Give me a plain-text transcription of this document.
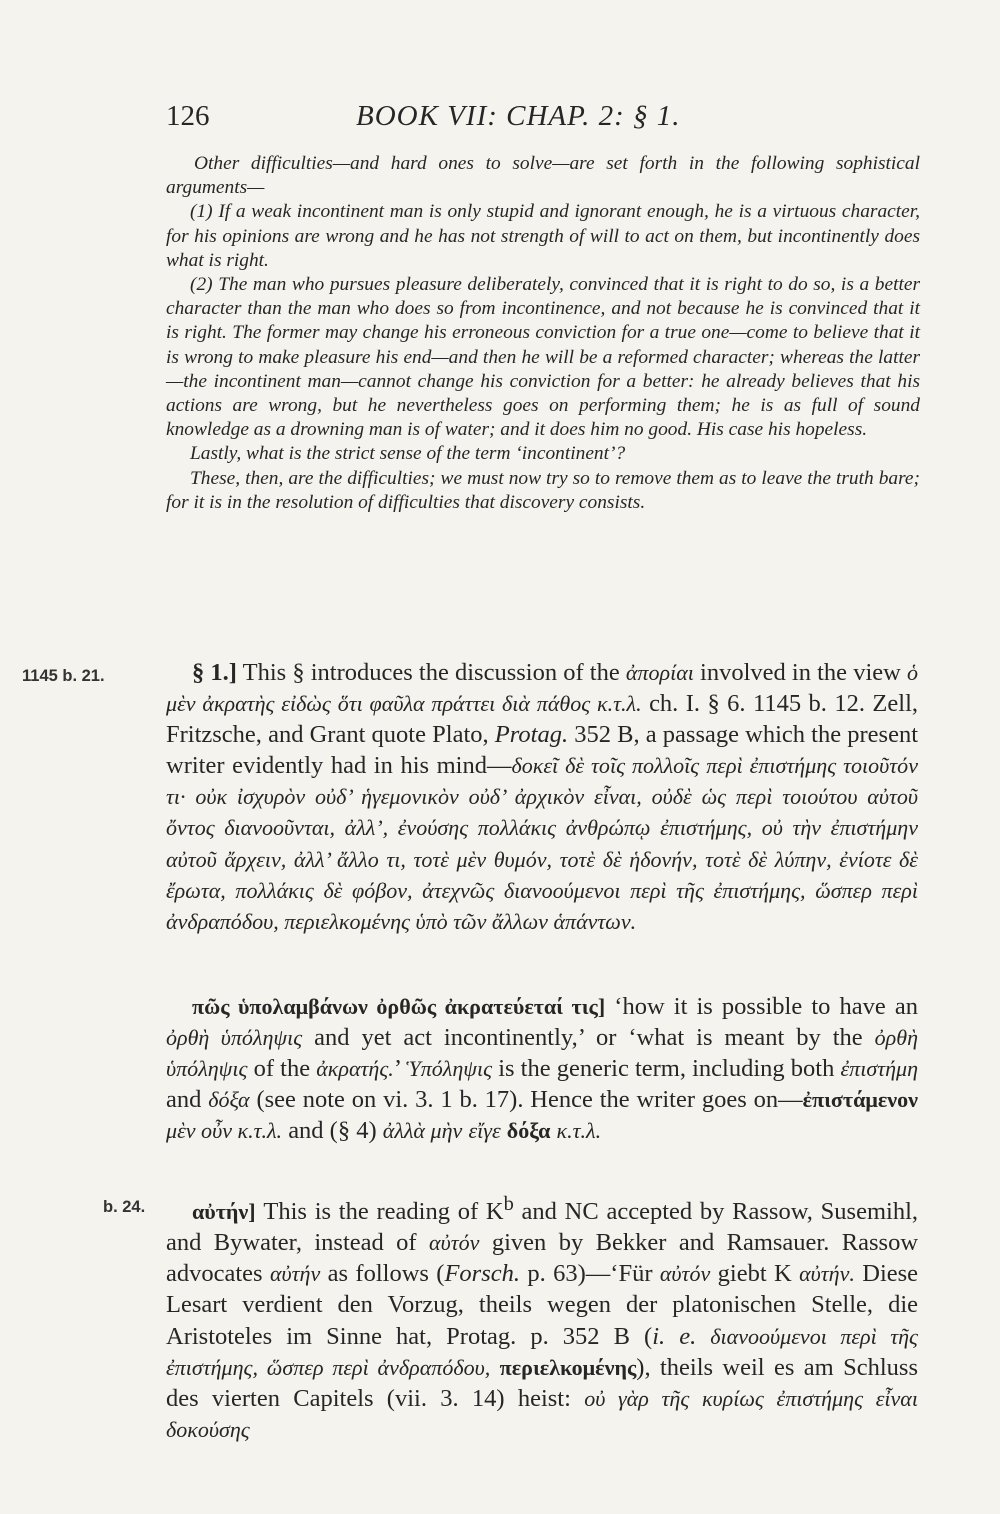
126	BOOK VII: CHAP. 2: § 1.

Other difficulties—and hard ones to solve—are set forth in the following sophistical arguments—

(1) If a weak incontinent man is only stupid and ignorant enough, he is a virtuous character, for his opinions are wrong and he has not strength of will to act on them, but incontinently does what is right.

(2) The man who pursues pleasure deliberately, convinced that it is right to do so, is a better character than the man who does so from incontinence, and not because he is convinced that it is right. The former may change his erroneous conviction for a true one—come to believe that it is wrong to make pleasure his end—and then he will be a reformed character; whereas the latter—the incontinent man—cannot change his conviction for a better: he already believes that his actions are wrong, but he nevertheless goes on performing them; he is as full of sound knowledge as a drowning man is of water; and it does him no good. His case his hopeless.

Lastly, what is the strict sense of the term ‘incontinent’?

These, then, are the difficulties; we must now try so to remove them as to leave the truth bare; for it is in the resolution of difficulties that discovery consists.

1145 b. 21.	§ 1.] This § introduces the discussion of the ἀπορίαι involved in the view ὁ μὲν ἀκρατὴς εἰδὼς ὅτι φαῦλα πράττει διὰ πάθος κ.τ.λ. ch. I. § 6. 1145 b. 12. Zell, Fritzsche, and Grant quote Plato, Protag. 352 B, a passage which the present writer evidently had in his mind—δοκεῖ δὲ τοῖς πολλοῖς περὶ ἐπιστήμης τοιοῦτόν τι· οὐκ ἰσχυρὸν οὐδ’ ἡγεμονικὸν οὐδ’ ἀρχικὸν εἶναι, οὐδὲ ὡς περὶ τοιούτου αὐτοῦ ὄντος διανοοῦνται, ἀλλ’, ἐνούσης πολλάκις ἀνθρώπῳ ἐπιστήμης, οὐ τὴν ἐπιστήμην αὐτοῦ ἄρχειν, ἀλλ’ ἄλλο τι, τοτὲ μὲν θυμόν, τοτὲ δὲ ἡδονήν, τοτὲ δὲ λύπην, ἐνίοτε δὲ ἔρωτα, πολλάκις δὲ φόβον, ἀτεχνῶς διανοούμενοι περὶ τῆς ἐπιστήμης, ὥσπερ περὶ ἀνδραπόδου, περιελκομένης ὑπὸ τῶν ἄλλων ἁπάντων.

πῶς ὑπολαμβάνων ὀρθῶς ἀκρατεύεταί τις] ‘how it is possible to have an ὀρθὴ ὑπόληψις and yet act incontinently,’ or ‘what is meant by the ὀρθὴ ὑπόληψις of the ἀκρατής.’ Ὑπόληψις is the generic term, including both ἐπιστήμη and δόξα (see note on vi. 3. 1 b. 17). Hence the writer goes on—ἐπιστάμενον μὲν οὖν κ.τ.λ. and (§ 4) ἀλλὰ μὴν εἴγε δόξα κ.τ.λ.

b. 24.	αὐτήν] This is the reading of $K^b$ and NC accepted by Rassow, Susemihl, and Bywater, instead of αὐτόν given by Bekker and Ramsauer. Rassow advocates αὐτήν as follows (Forsch. p. 63)—‘Für αὐτόν giebt K αὐτήν. Diese Lesart verdient den Vorzug, theils wegen der platonischen Stelle, die Aristoteles im Sinne hat, Protag. p. 352 B (i. e. διανοούμενοι περὶ τῆς ἐπιστήμης, ὥσπερ περὶ ἀνδραπόδου, περιελκομένης), theils weil es am Schluss des vierten Capitels (vii. 3. 14) heist: οὐ γὰρ τῆς κυρίως ἐπιστήμης εἶναι δοκούσης
